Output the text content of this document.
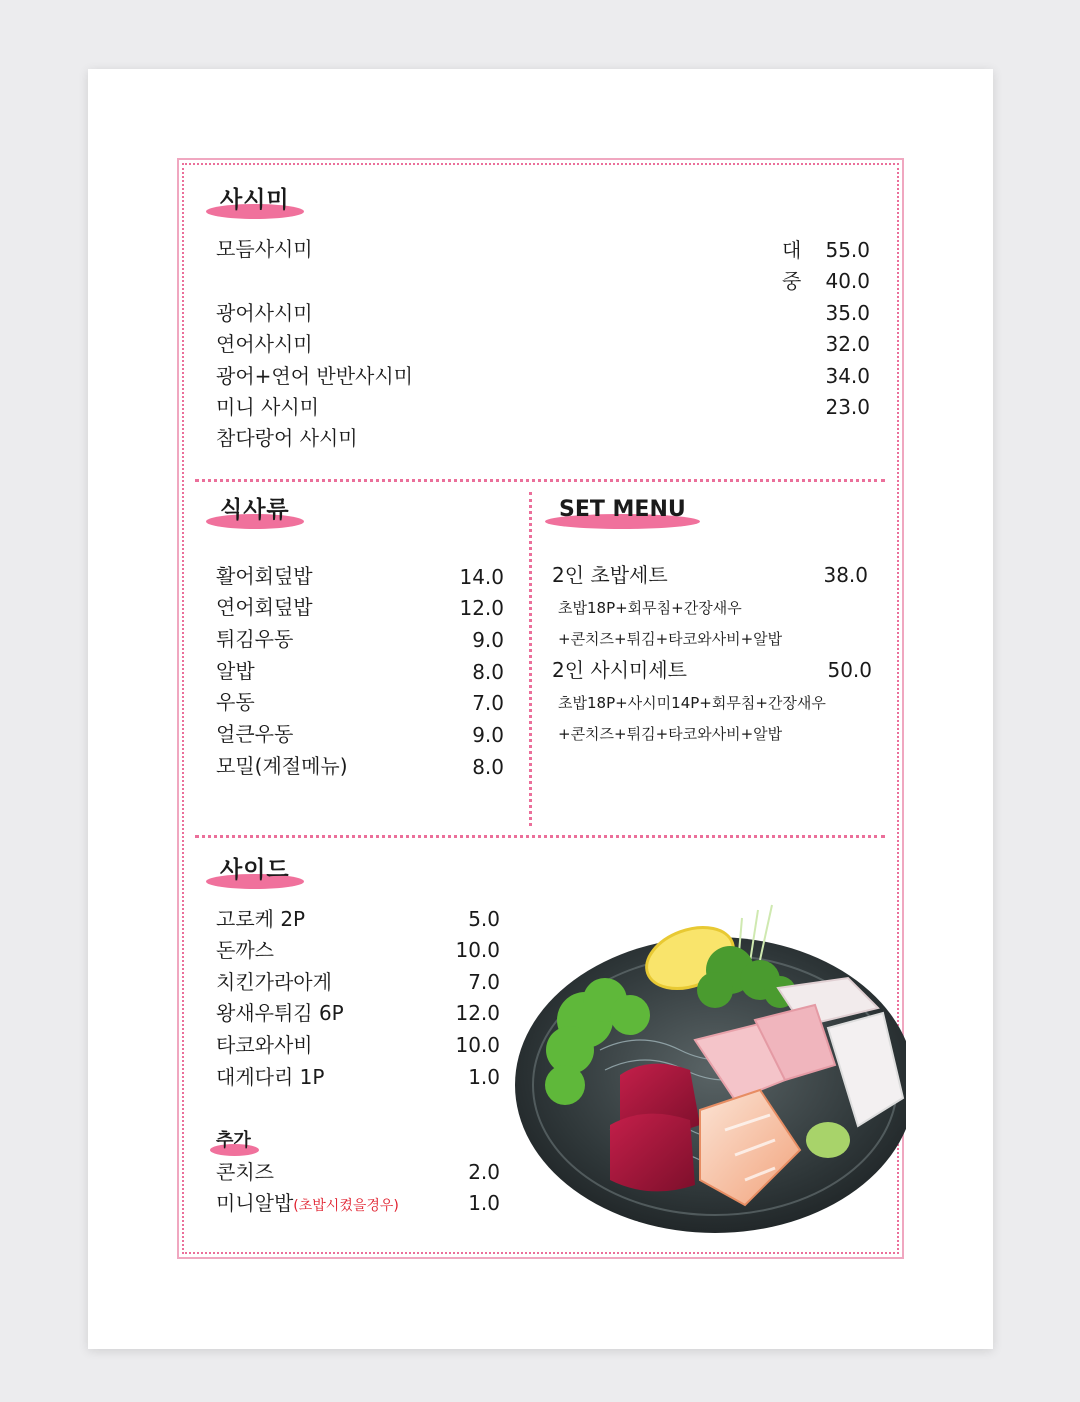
사시미
모듬사시미	대	55.0
중	40.0
광어사시미	35.0
연어사시미	32.0
광어+연어 반반사시미	34.0
미니 사시미	23.0
참다랑어 사시미
식사류
활어회덮밥	14.0
연어회덮밥	12.0
튀김우동	9.0
알밥	8.0
우동	7.0
얼큰우동	9.0
모밀(계절메뉴)	8.0
SET MENU
2인 초밥세트	38.0
초밥18P+회무침+간장새우
+콘치즈+튀김+타코와사비+알밥
2인 사시미세트	50.0
초밥18P+사시미14P+회무침+간장새우
+콘치즈+튀김+타코와사비+알밥
사이드
고로케 2P	5.0
돈까스	10.0
치킨가라아게	7.0
왕새우튀김 6P	12.0
타코와사비	10.0
대게다리 1P	1.0
추가
콘치즈	2.0
미니알밥(초밥시켰을경우)	1.0
